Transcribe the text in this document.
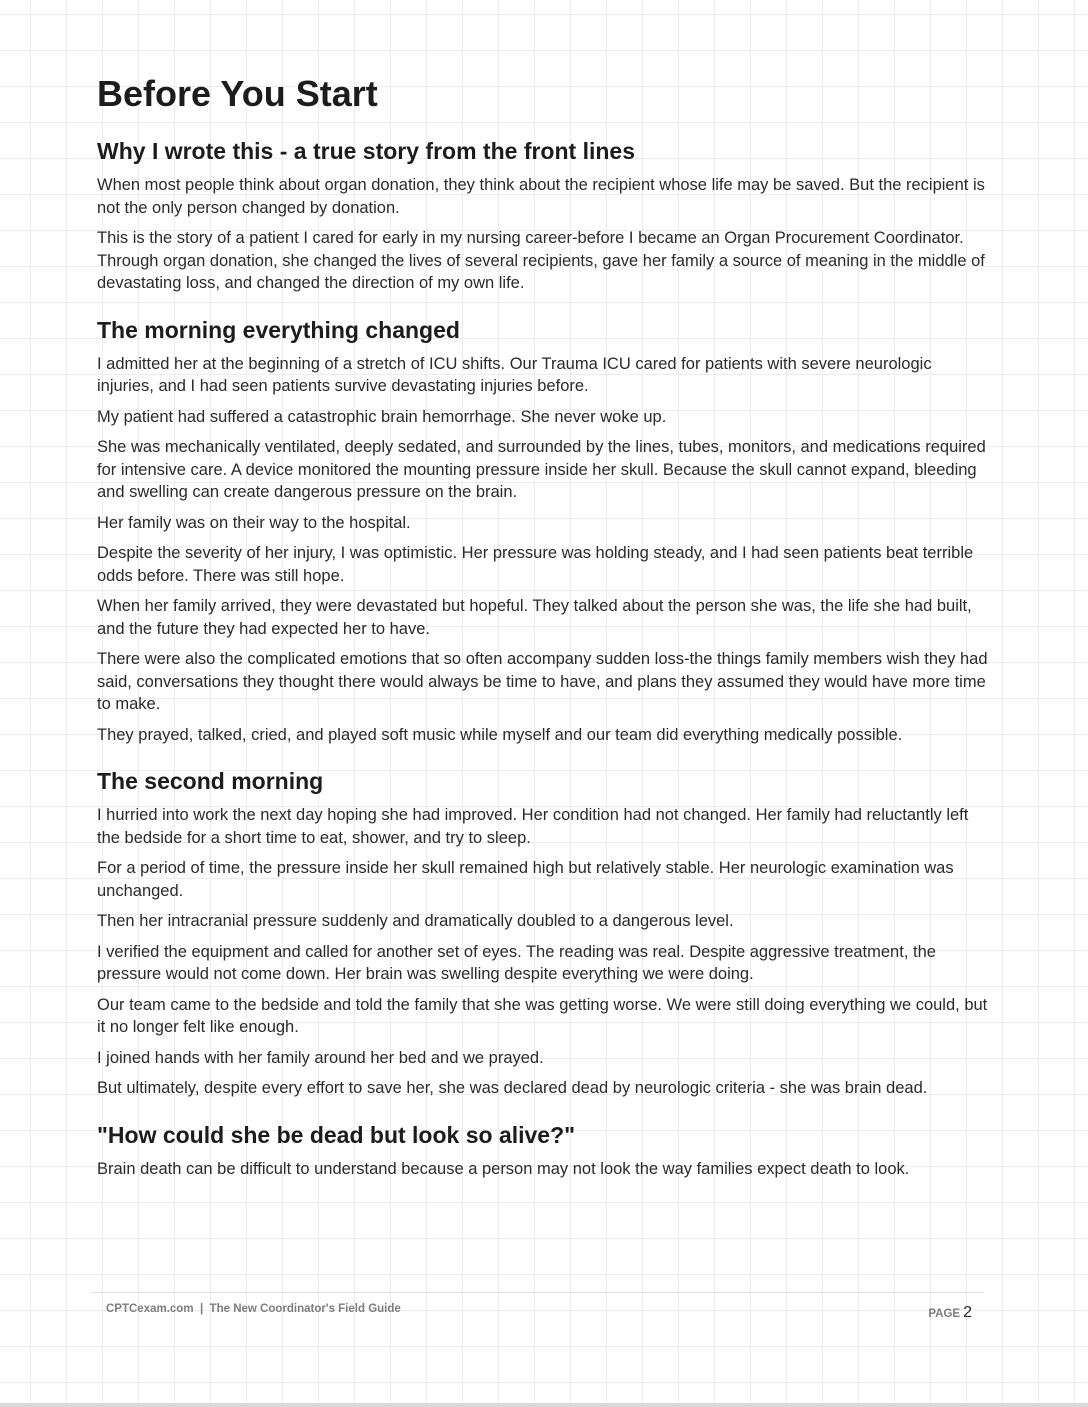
Before You Start
Why I wrote this - a true story from the front lines

When most people think about organ donation, they think about the recipient whose life may be saved. But the recipient is not the only person changed by donation.

This is the story of a patient I cared for early in my nursing career-before I became an Organ Procurement Coordinator. Through organ donation, she changed the lives of several recipients, gave her family a source of meaning in the middle of devastating loss, and changed the direction of my own life.

The morning everything changed

I admitted her at the beginning of a stretch of ICU shifts. Our Trauma ICU cared for patients with severe neurologic injuries, and I had seen patients survive devastating injuries before.

My patient had suffered a catastrophic brain hemorrhage. She never woke up.

She was mechanically ventilated, deeply sedated, and surrounded by the lines, tubes, monitors, and medications required for intensive care. A device monitored the mounting pressure inside her skull. Because the skull cannot expand, bleeding and swelling can create dangerous pressure on the brain.

Her family was on their way to the hospital.

Despite the severity of her injury, I was optimistic. Her pressure was holding steady, and I had seen patients beat terrible odds before. There was still hope.

When her family arrived, they were devastated but hopeful. They talked about the person she was, the life she had built, and the future they had expected her to have.

There were also the complicated emotions that so often accompany sudden loss-the things family members wish they had said, conversations they thought there would always be time to have, and plans they assumed they would have more time to make.

They prayed, talked, cried, and played soft music while myself and our team did everything medically possible.

The second morning

I hurried into work the next day hoping she had improved. Her condition had not changed. Her family had reluctantly left the bedside for a short time to eat, shower, and try to sleep.

For a period of time, the pressure inside her skull remained high but relatively stable. Her neurologic examination was unchanged.

Then her intracranial pressure suddenly and dramatically doubled to a dangerous level.

I verified the equipment and called for another set of eyes. The reading was real. Despite aggressive treatment, the pressure would not come down. Her brain was swelling despite everything we were doing.

Our team came to the bedside and told the family that she was getting worse. We were still doing everything we could, but it no longer felt like enough.

I joined hands with her family around her bed and we prayed.

But ultimately, despite every effort to save her, she was declared dead by neurologic criteria - she was brain dead.

"How could she be dead but look so alive?"

Brain death can be difficult to understand because a person may not look the way families expect death to look.

CPTCexam.com  |  The New Coordinator's Field Guide	PAGE 2
